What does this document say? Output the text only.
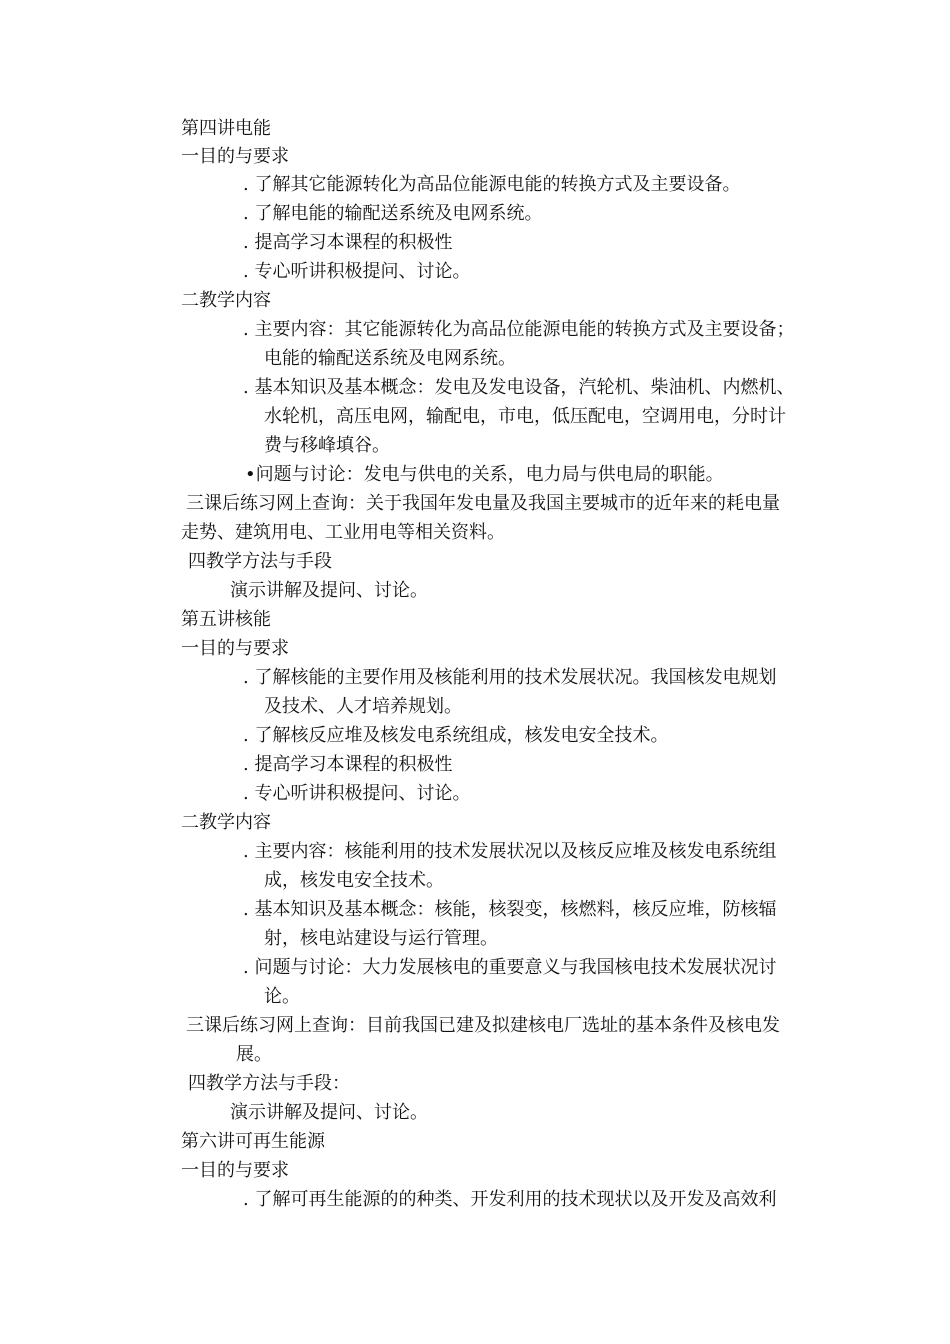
第四讲电能
一目的与要求
. 了解其它能源转化为高品位能源电能的转换方式及主要设备。
. 了解电能的输配送系统及电网系统。
. 提高学习本课程的积极性
. 专心听讲积极提问、讨论。
二教学内容
. 主要内容：其它能源转化为高品位能源电能的转换方式及主要设备；
电能的输配送系统及电网系统。
. 基本知识及基本概念：发电及发电设备，汽轮机、柴油机、内燃机、
水轮机，高压电网，输配电，市电，低压配电，空调用电，分时计
费与移峰填谷。
•问题与讨论：发电与供电的关系，电力局与供电局的职能。
三课后练习网上查询：关于我国年发电量及我国主要城市的近年来的耗电量
走势、建筑用电、工业用电等相关资料。
四教学方法与手段
演示讲解及提问、讨论。
第五讲核能
一目的与要求
. 了解核能的主要作用及核能利用的技术发展状况。我国核发电规划
及技术、人才培养规划。
. 了解核反应堆及核发电系统组成，核发电安全技术。
. 提高学习本课程的积极性
. 专心听讲积极提问、讨论。
二教学内容
. 主要内容：核能利用的技术发展状况以及核反应堆及核发电系统组
成，核发电安全技术。
. 基本知识及基本概念：核能，核裂变，核燃料，核反应堆，防核辐
射，核电站建设与运行管理。
. 问题与讨论：大力发展核电的重要意义与我国核电技术发展状况讨
论。
三课后练习网上查询：目前我国已建及拟建核电厂选址的基本条件及核电发
展。
四教学方法与手段：
演示讲解及提问、讨论。
第六讲可再生能源
一目的与要求
. 了解可再生能源的的种类、开发利用的技术现状以及开发及高效利
